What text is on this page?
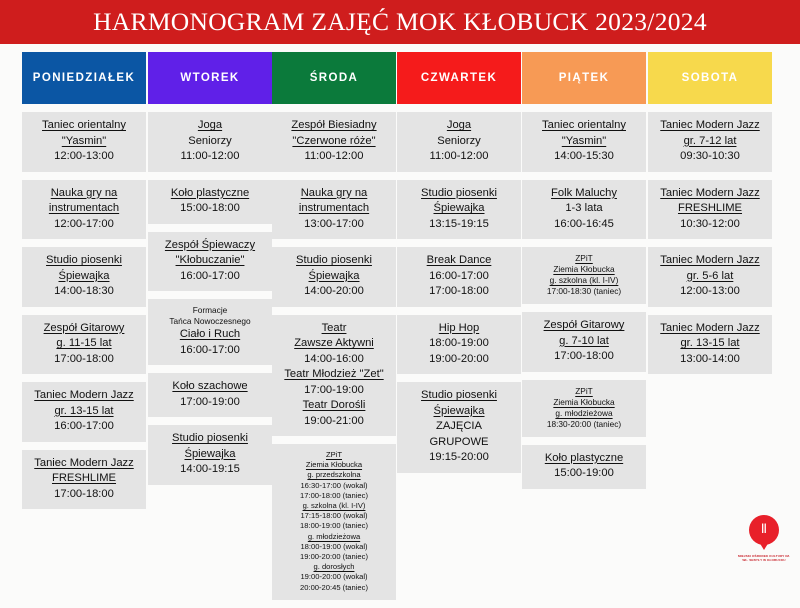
HARMONOGRAM ZAJĘĆ MOK KŁOBUCK 2023/2024
PONIEDZIAŁEK
Taniec orientalny
"Yasmin"
12:00-13:00
Nauka gry na
instrumentach
12:00-17:00
Studio piosenki
Śpiewajka
14:00-18:30
Zespół Gitarowy
g. 11-15 lat
17:00-18:00
Taniec Modern Jazz
gr. 13-15 lat
16:00-17:00
Taniec Modern Jazz
FRESHLIME
17:00-18:00
WTOREK
Joga
Seniorzy
11:00-12:00
Koło plastyczne
15:00-18:00
Zespół Śpiewaczy
"Kłobuczanie"
16:00-17:00
Formacje
Tańca Nowoczesnego
Ciało i Ruch
16:00-17:00
Koło szachowe
17:00-19:00
Studio piosenki
Śpiewajka
14:00-19:15
ŚRODA
Zespół Biesiadny
"Czerwone róże"
11:00-12:00
Nauka gry na
instrumentach
13:00-17:00
Studio piosenki
Śpiewajka
14:00-20:00
Teatr
Zawsze Aktywni
14:00-16:00
Teatr Młodzież "Zet"
17:00-19:00
Teatr Dorośli
19:00-21:00
ZPiT
Ziemia Kłobucka
g. przedszkolna
16:30-17:00 (wokal)
17:00-18:00 (taniec)
g. szkolna (kl. I-IV)
17:15-18:00 (wokal)
18:00-19:00 (taniec)
g. młodzieżowa
18:00-19:00 (wokal)
19:00-20:00 (taniec)
g. dorosłych
19:00-20:00 (wokal)
20:00-20:45 (taniec)
CZWARTEK
Joga
Seniorzy
11:00-12:00
Studio piosenki
Śpiewajka
13:15-19:15
Break Dance
16:00-17:00
17:00-18:00
Hip Hop
18:00-19:00
19:00-20:00
Studio piosenki
Śpiewajka
ZAJĘCIA
GRUPOWE
19:15-20:00
PIĄTEK
Taniec orientalny
"Yasmin"
14:00-15:30
Folk Maluchy
1-3 lata
16:00-16:45
ZPiT
Ziemia Kłobucka
g. szkolna (kl. I-IV)
17:00-18:30 (taniec)
Zespół Gitarowy
g. 7-10 lat
17:00-18:00
ZPiT
Ziemia Kłobucka
g. młodzieżowa
18:30-20:00 (taniec)
Koło plastyczne
15:00-19:00
SOBOTA
Taniec Modern Jazz
gr. 7-12 lat
09:30-10:30
Taniec Modern Jazz
FRESHLIME
10:30-12:00
Taniec Modern Jazz
gr. 5-6 lat
12:00-13:00
Taniec Modern Jazz
gr. 13-15 lat
13:00-14:00
Ⅱ
MIEJSKI OŚRODEK KULTURY IM. WŁ. SEBYŁY W KŁOBUCKU
